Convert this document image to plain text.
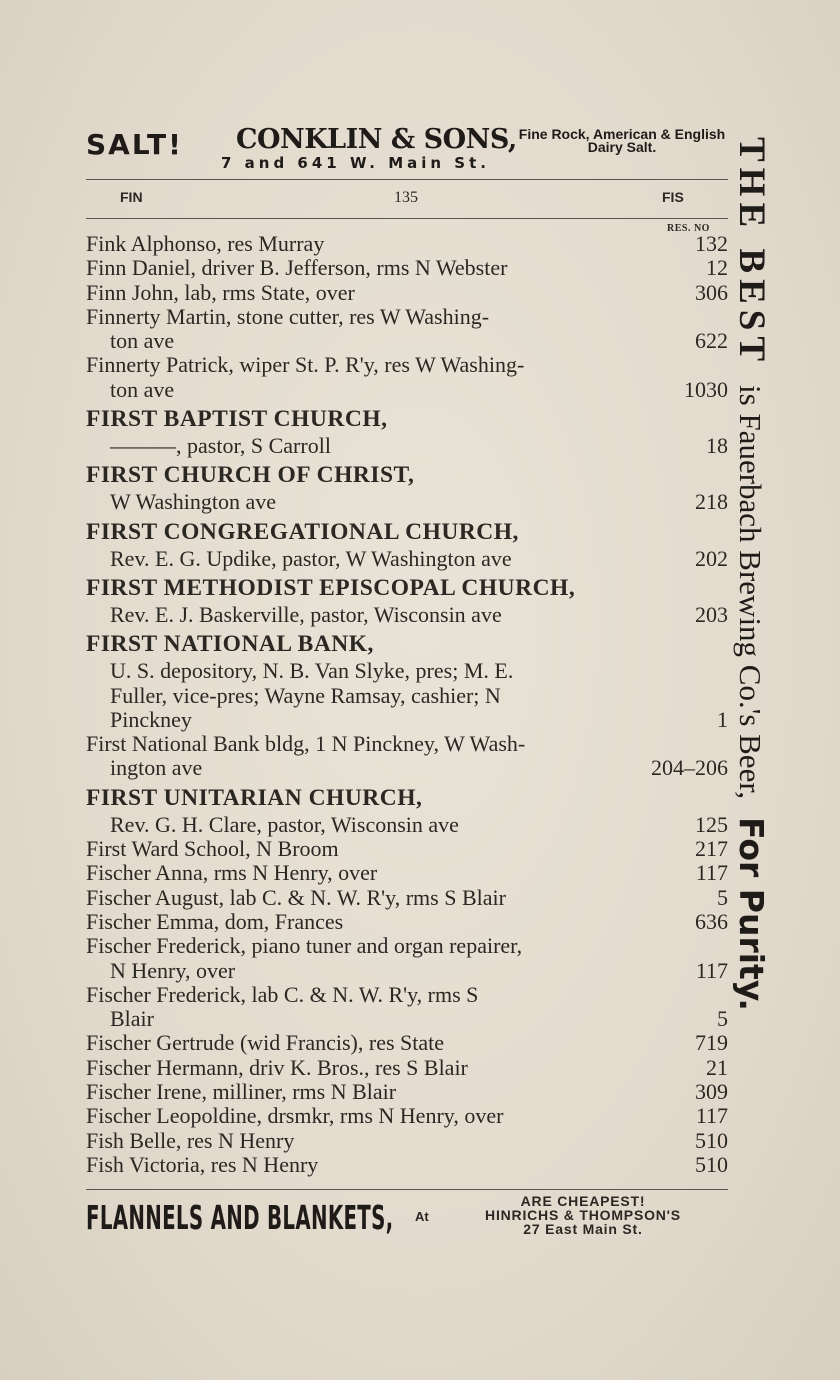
SALT! CONKLIN & SONS, Fine Rock, American & English Dairy Salt.
7 and 641 W. Main St.
FIN	135	FIS
RES. NO
Fink Alphonso, res Murray	132
Finn Daniel, driver B. Jefferson, rms N Webster	12
Finn John, lab, rms State, over	306
Finnerty Martin, stone cutter, res W Washing-
ton ave	622
Finnerty Patrick, wiper St. P. R'y, res W Washing-
ton ave	1030
FIRST BAPTIST CHURCH,
———, pastor, S Carroll	18
FIRST CHURCH OF CHRIST,
W Washington ave	218
FIRST CONGREGATIONAL CHURCH,
Rev. E. G. Updike, pastor, W Washington ave	202
FIRST METHODIST EPISCOPAL CHURCH,
Rev. E. J. Baskerville, pastor, Wisconsin ave	203
FIRST NATIONAL BANK,
U. S. depository, N. B. Van Slyke, pres; M. E.
Fuller, vice-pres; Wayne Ramsay, cashier; N
Pinckney	1
First National Bank bldg, 1 N Pinckney, W Wash-
ington ave	204–206
FIRST UNITARIAN CHURCH,
Rev. G. H. Clare, pastor, Wisconsin ave	125
First Ward School, N Broom	217
Fischer Anna, rms N Henry, over	117
Fischer August, lab C. & N. W. R'y, rms S Blair	5
Fischer Emma, dom, Frances	636
Fischer Frederick, piano tuner and organ repairer,
N Henry, over	117
Fischer Frederick, lab C. & N. W. R'y, rms S
Blair	5
Fischer Gertrude (wid Francis), res State	719
Fischer Hermann, driv K. Bros., res S Blair	21
Fischer Irene, milliner, rms N Blair	309
Fischer Leopoldine, drsmkr, rms N Henry, over	117
Fish Belle, res N Henry	510
Fish Victoria, res N Henry	510
FLANNELS AND BLANKETS, At
ARE CHEAPEST!
HINRICHS & THOMPSON'S
27 East Main St.
THE BEST is Fauerbach Brewing Co.'s Beer, For Purity.
